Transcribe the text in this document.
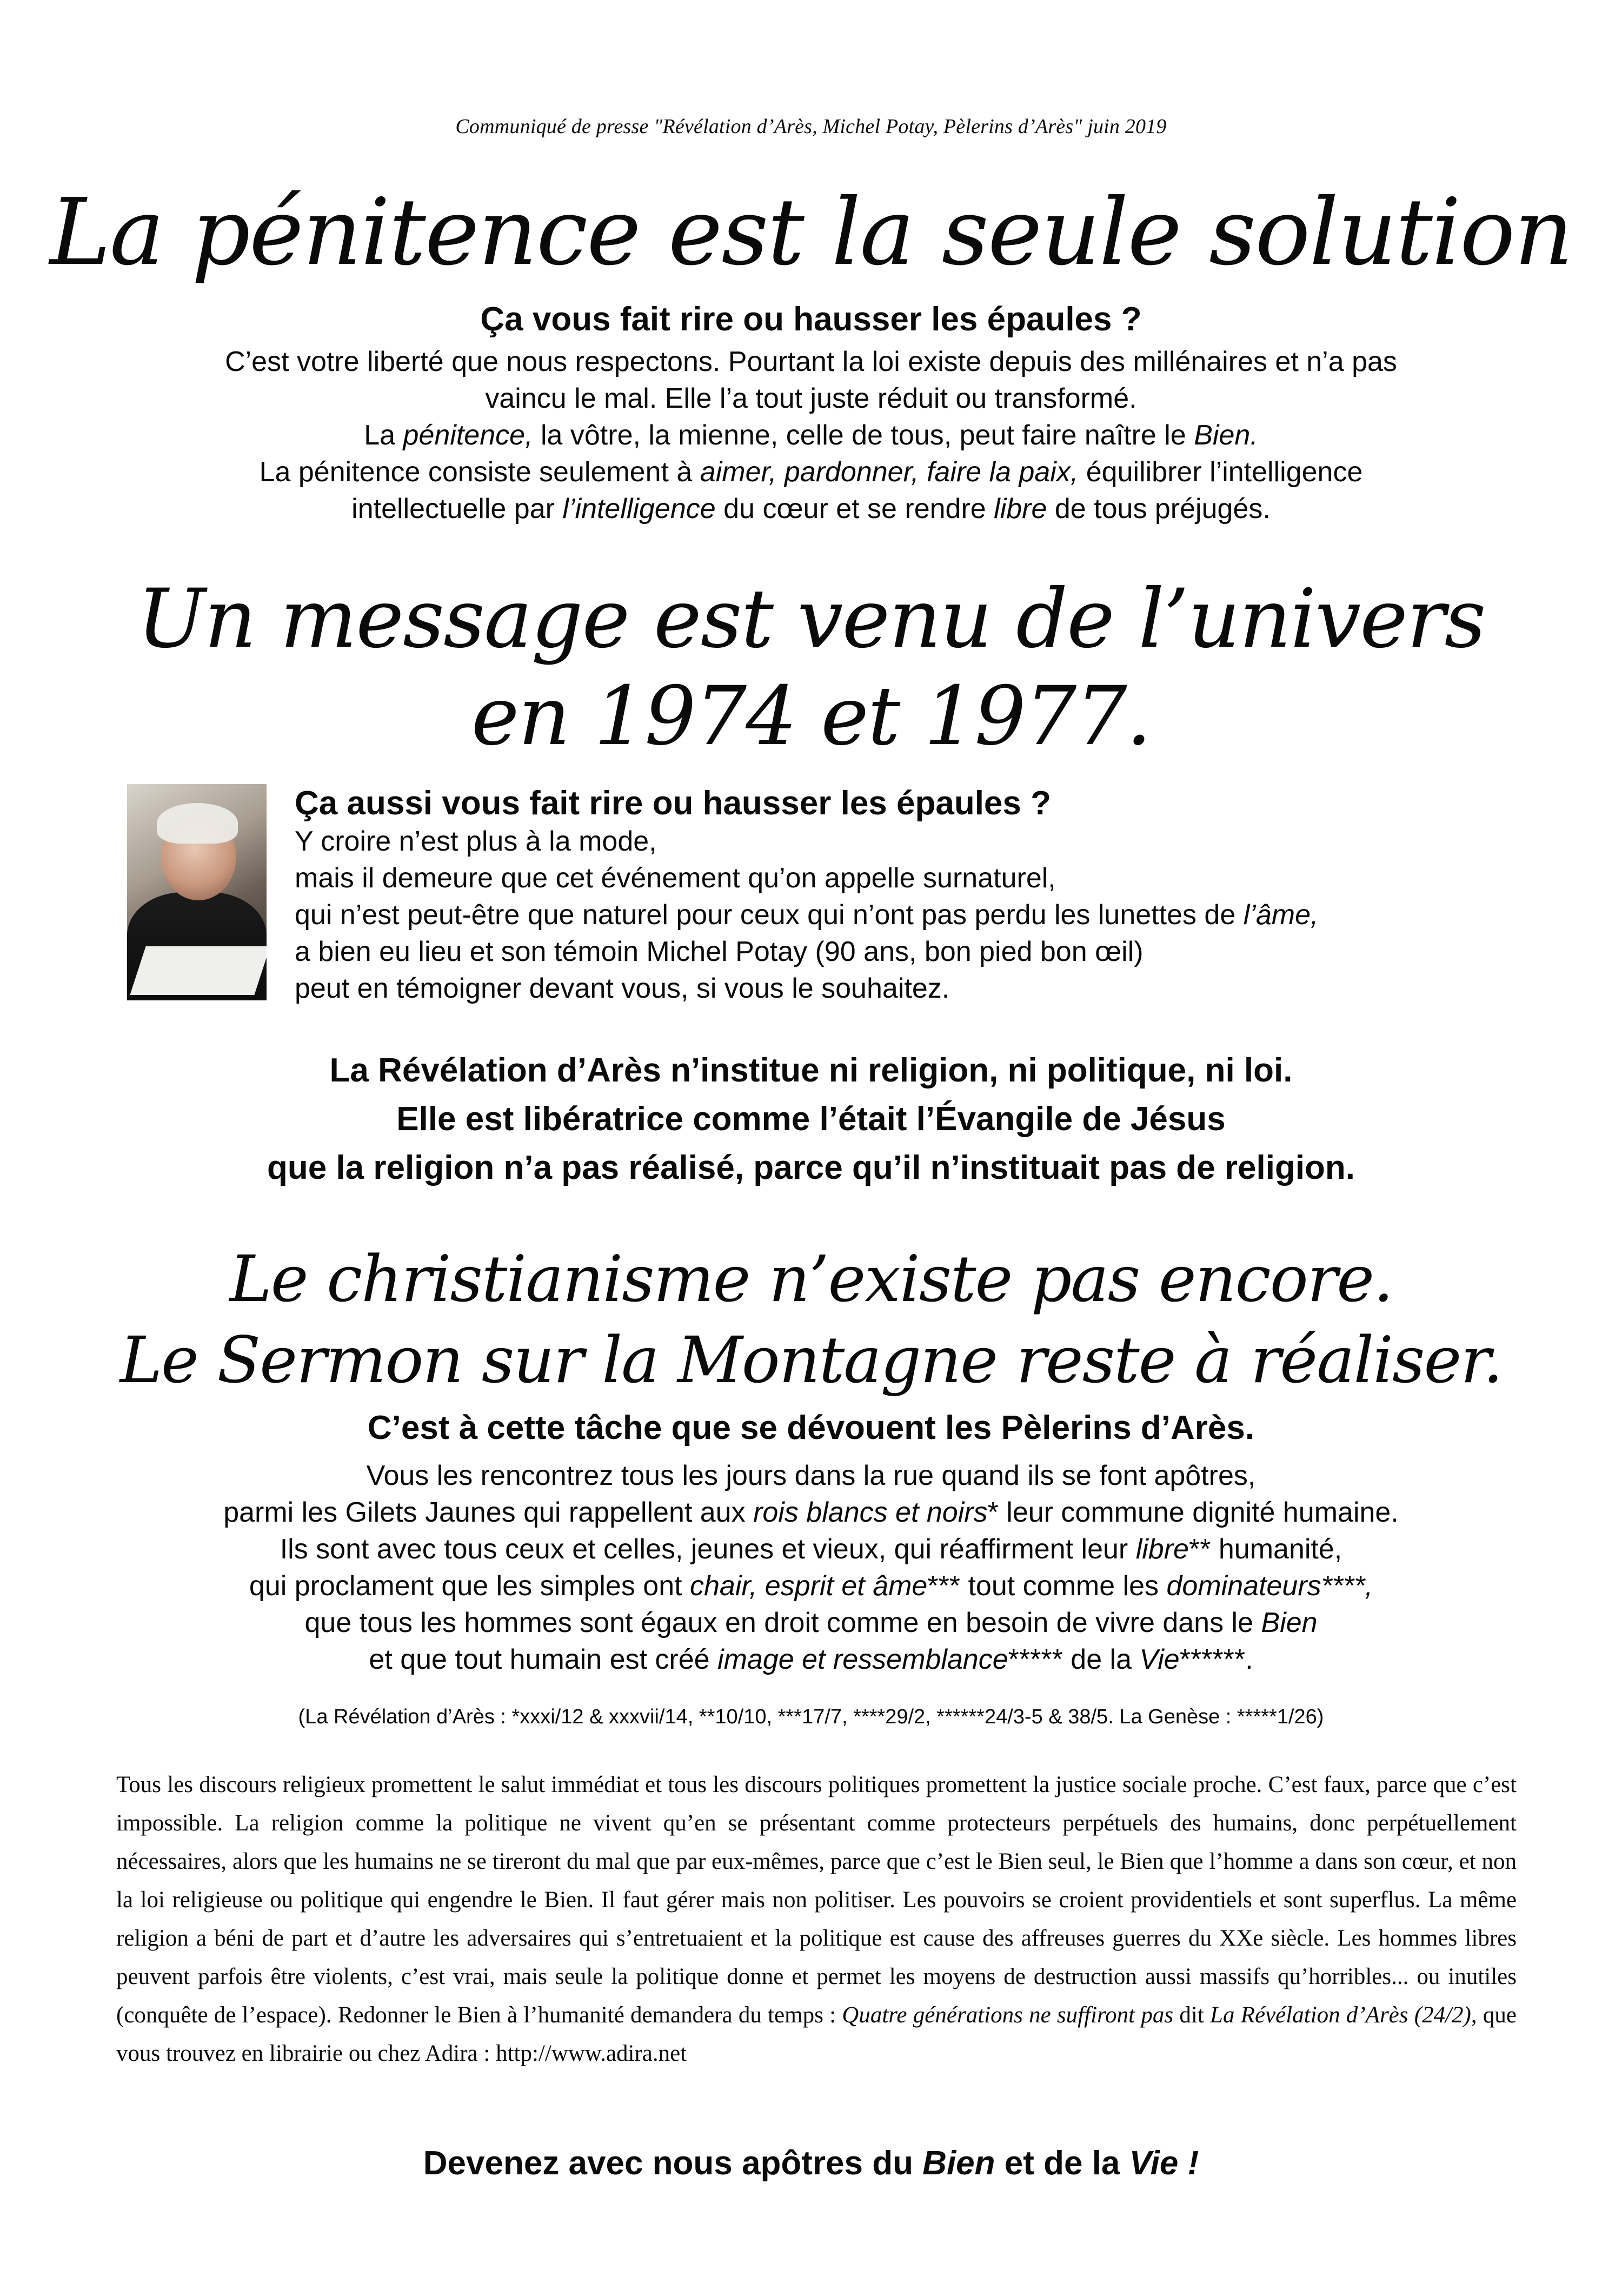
Communiqué de presse "Révélation d’Arès, Michel Potay, Pèlerins d’Arès" juin 2019

La pénitence est la seule solution

Ça vous fait rire ou hausser les épaules ?

C’est votre liberté que nous respectons. Pourtant la loi existe depuis des millénaires et n’a pas
vaincu le mal. Elle l’a tout juste réduit ou transformé.
La pénitence, la vôtre, la mienne, celle de tous, peut faire naître le Bien.
La pénitence consiste seulement à aimer, pardonner, faire la paix, équilibrer l’intelligence
intellectuelle par l’intelligence du cœur et se rendre libre de tous préjugés.
Un message est venu de l’univers
en 1974 et 1977.

Ça aussi vous fait rire ou hausser les épaules ?

Y croire n’est plus à la mode,
mais il demeure que cet événement qu’on appelle surnaturel,
qui n’est peut-être que naturel pour ceux qui n’ont pas perdu les lunettes de l’âme,
a bien eu lieu et son témoin Michel Potay (90 ans, bon pied bon œil)
peut en témoigner devant vous, si vous le souhaitez.
La Révélation d’Arès n’institue ni religion, ni politique, ni loi.
Elle est libératrice comme l’était l’Évangile de Jésus
que la religion n’a pas réalisé, parce qu’il n’instituait pas de religion.
Le christianisme n’existe pas encore.
Le Sermon sur la Montagne reste à réaliser.

C’est à cette tâche que se dévouent les Pèlerins d’Arès.

Vous les rencontrez tous les jours dans la rue quand ils se font apôtres,
parmi les Gilets Jaunes qui rappellent aux rois blancs et noirs* leur commune dignité humaine.
Ils sont avec tous ceux et celles, jeunes et vieux, qui réaffirment leur libre** humanité,
qui proclament que les simples ont chair, esprit et âme*** tout comme les dominateurs****,
que tous les hommes sont égaux en droit comme en besoin de vivre dans le Bien
et que tout humain est créé image et ressemblance***** de la Vie******.

(La Révélation d’Arès : *xxxi/12 & xxxvii/14, **10/10, ***17/7, ****29/2, ******24/3-5 & 38/5. La Genèse : *****1/26)

Tous les discours religieux promettent le salut immédiat et tous les discours politiques promettent la justice sociale proche. C’est faux, parce que c’est impossible. La religion comme la politique ne vivent qu’en se présentant comme protecteurs perpétuels des humains, donc perpétuellement nécessaires, alors que les humains ne se tireront du mal que par eux-mêmes, parce que c’est le Bien seul, le Bien que l’homme a dans son cœur, et non la loi religieuse ou politique qui engendre le Bien. Il faut gérer mais non politiser. Les pouvoirs se croient providentiels et sont superflus. La même religion a béni de part et d’autre les adversaires qui s’entretuaient et la politique est cause des affreuses guerres du XXe siècle. Les hommes libres peuvent parfois être violents, c’est vrai, mais seule la politique donne et permet les moyens de destruction aussi massifs qu’horribles... ou inutiles (conquête de l’espace). Redonner le Bien à l’humanité demandera du temps : Quatre générations ne suffiront pas dit La Révélation d’Arès (24/2), que vous trouvez en librairie ou chez Adira : http://www.adira.net

Devenez avec nous apôtres du Bien et de la Vie !
